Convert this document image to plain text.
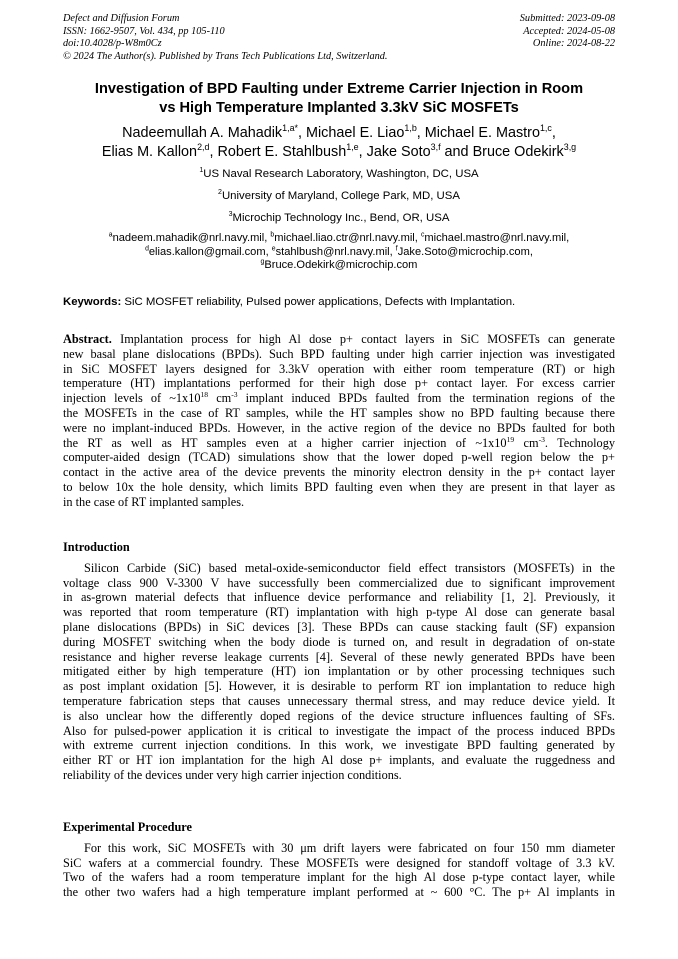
Defect and Diffusion Forum
ISSN: 1662-9507, Vol. 434, pp 105-110
doi:10.4028/p-W8m0Cz
© 2024 The Author(s). Published by Trans Tech Publications Ltd, Switzerland.
Submitted: 2023-09-08
Accepted: 2024-05-08
Online: 2024-08-22
Investigation of BPD Faulting under Extreme Carrier Injection in Room
vs High Temperature Implanted 3.3kV SiC MOSFETs
Nadeemullah A. Mahadik$^{1,a*}$, Michael E. Liao$^{1,b}$, Michael E. Mastro$^{1,c}$,
Elias M. Kallon$^{2,d}$, Robert E. Stahlbush$^{1,e}$, Jake Soto$^{3,f}$ and Bruce Odekirk$^{3,g}$
$^1$US Naval Research Laboratory, Washington, DC, USA
$^2$University of Maryland, College Park, MD, USA
$^3$Microchip Technology Inc., Bend, OR, USA
$^a$nadeem.mahadik@nrl.navy.mil, $^b$michael.liao.ctr@nrl.navy.mil, $^c$michael.mastro@nrl.navy.mil,
$^d$elias.kallon@gmail.com, $^e$stahlbush@nrl.navy.mil, $^f$Jake.Soto@microchip.com,
$^g$Bruce.Odekirk@microchip.com
Keywords: SiC MOSFET reliability, Pulsed power applications, Defects with Implantation.
Abstract. Implantation process for high Al dose p+ contact layers in SiC MOSFETs can generate
new basal plane dislocations (BPDs). Such BPD faulting under high carrier injection was investigated
in SiC MOSFET layers designed for 3.3kV operation with either room temperature (RT) or high
temperature (HT) implantations performed for their high dose p+ contact layer. For excess carrier
injection levels of $\sim 1x10^{18}$ $cm^{-3}$ implant induced BPDs faulted from the termination regions of the
the MOSFETs in the case of RT samples, while the HT samples show no BPD faulting because there
were no implant-induced BPDs. However, in the active region of the device no BPDs faulted for both
the RT as well as HT samples even at a higher carrier injection of $\sim 1x10^{19}$ $cm^{-3}$. Technology
computer-aided design (TCAD) simulations show that the lower doped p-well region below the p+
contact in the active area of the device prevents the minority electron density in the p+ contact layer
to below 10x the hole density, which limits BPD faulting even when they are present in that layer as
in the case of RT implanted samples.
Introduction
Silicon Carbide (SiC) based metal-oxide-semiconductor field effect transistors (MOSFETs) in the
voltage class 900 V-3300 V have successfully been commercialized due to significant improvement
in as-grown material defects that influence device performance and reliability [1, 2]. Previously, it
was reported that room temperature (RT) implantation with high p-type Al dose can generate basal
plane dislocations (BPDs) in SiC devices [3]. These BPDs can cause stacking fault (SF) expansion
during MOSFET switching when the body diode is turned on, and result in degradation of on-state
resistance and higher reverse leakage currents [4]. Several of these newly generated BPDs have been
mitigated either by high temperature (HT) ion implantation or by other processing techniques such
as post implant oxidation [5]. However, it is desirable to perform RT ion implantation to reduce high
temperature fabrication steps that causes unnecessary thermal stress, and may reduce device yield. It
is also unclear how the differently doped regions of the device structure influences faulting of SFs.
Also for pulsed-power application it is critical to investigate the impact of the process induced BPDs
with extreme current injection conditions. In this work, we investigate BPD faulting generated by
either RT or HT ion implantation for the high Al dose p+ implants, and evaluate the ruggedness and
reliability of the devices under very high carrier injection conditions.
Experimental Procedure
For this work, SiC MOSFETs with 30 μm drift layers were fabricated on four 150 mm diameter
SiC wafers at a commercial foundry. These MOSFETs were designed for standoff voltage of 3.3 kV.
Two of the wafers had a room temperature implant for the high Al dose p-type contact layer, while
the other two wafers had a high temperature implant performed at ~ 600 °C. The p+ Al implants in
